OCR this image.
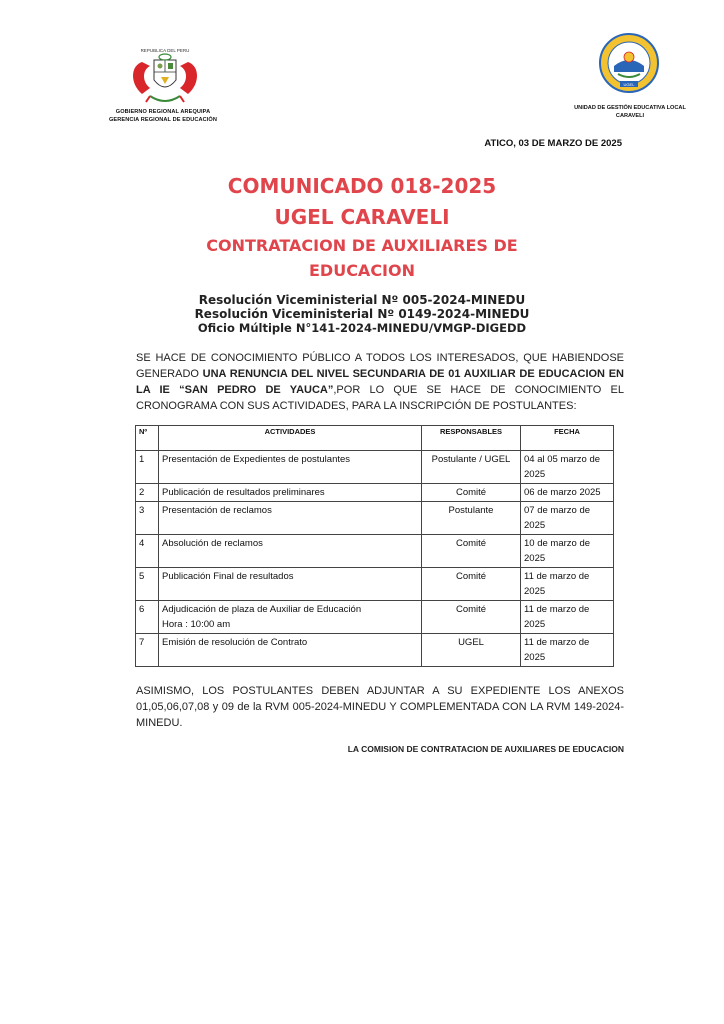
REPUBLICA DEL PERU
GOBIERNO REGIONAL AREQUIPA
GERENCIA REGIONAL DE EDUCACIÓN
UGEL
UNIDAD DE GESTIÓN EDUCATIVA LOCAL
CARAVELI
ATICO, 03 DE MARZO DE 2025
COMUNICADO 018-2025
UGEL CARAVELI
CONTRATACION DE AUXILIARES DE
EDUCACION
Resolución Viceministerial Nº 005-2024-MINEDU
Resolución Viceministerial Nº 0149-2024-MINEDU
Oficio Múltiple N°141-2024-MINEDU/VMGP-DIGEDD
SE HACE DE CONOCIMIENTO PÚBLICO A TODOS LOS INTERESADOS, QUE HABIENDOSE GENERADO UNA RENUNCIA DEL NIVEL SECUNDARIA DE 01 AUXILIAR DE EDUCACION EN LA IE “SAN PEDRO DE YAUCA”,POR LO QUE SE HACE DE CONOCIMIENTO EL CRONOGRAMA CON SUS ACTIVIDADES, PARA LA INSCRIPCIÓN DE POSTULANTES:
Nº	ACTIVIDADES	RESPONSABLES	FECHA
1	Presentación de Expedientes de postulantes	Postulante / UGEL	04 al 05 marzo de 2025
2	Publicación de resultados preliminares	Comité	06 de marzo 2025
3	Presentación de reclamos	Postulante	07 de marzo de 2025
4	Absolución de reclamos	Comité	10 de marzo de 2025
5	Publicación Final de resultados	Comité	11 de marzo de 2025
6	Adjudicación de plaza de Auxiliar de Educación
Hora : 10:00 am	Comité	11 de marzo de 2025
7	Emisión de resolución de Contrato	UGEL	11 de marzo de 2025
ASIMISMO, LOS POSTULANTES DEBEN ADJUNTAR A SU EXPEDIENTE LOS ANEXOS 01,05,06,07,08 y 09 de la RVM 005-2024-MINEDU Y COMPLEMENTADA CON LA RVM 149-2024-MINEDU.
LA COMISION DE CONTRATACION DE AUXILIARES DE EDUCACION
